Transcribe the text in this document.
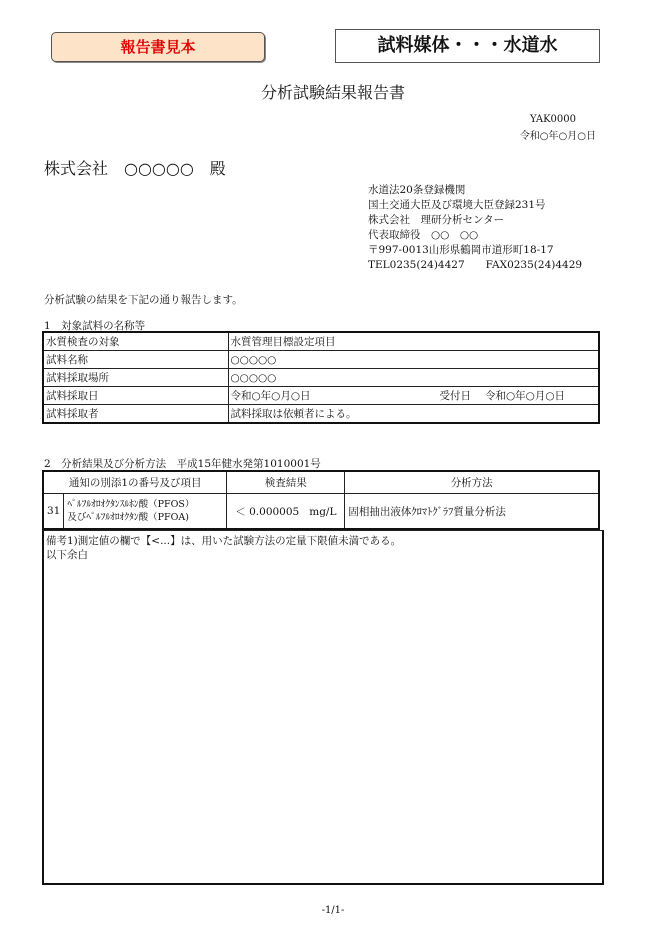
報告書見本	試料媒体・・・水道水
分析試験結果報告書
YAK0000
令和○年○月○日
株式会社　○○○○○　殿
水道法20条登録機関
国土交通大臣及び環境大臣登録231号
株式会社　理研分析センター
代表取締役　○○　○○
〒997-0013山形県鶴岡市道形町18-17
TEL0235(24)4427　　FAX0235(24)4429
分析試験の結果を下記の通り報告します。
1　対象試料の名称等
水質検査の対象	水質管理目標設定項目		
試料名称	○○○○○		
試料採取場所	○○○○○		
試料採取日	令和○年○月○日	受付日	令和○年○月○日
試料採取者	試料採取は依頼者による。		
2　分析結果及び分析方法　平成15年健水発第1010001号
通知の別添1の番号及び項目		検査結果	分析方法
31	ﾍﾟﾙﾌﾙｵﾛｵｸﾀﾝｽﾙﾎﾝ酸（PFOS）
及びﾍﾟﾙﾌﾙｵﾛｵｸﾀﾝ酸（PFOA)	＜ 0.000005 mg/L	固相抽出液体ｸﾛﾏﾄｸﾞﾗﾌ質量分析法
備考1)測定値の欄で【<...】は、用いた試験方法の定量下限値未満である。
以下余白
-1/1-
